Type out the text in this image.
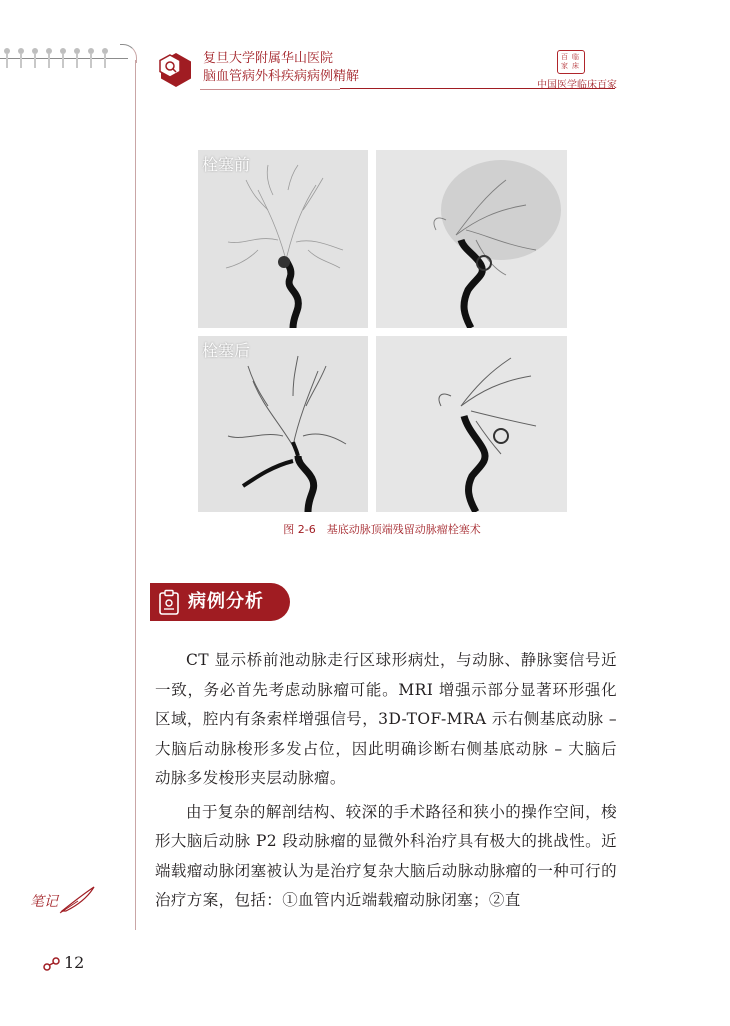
复旦大学附属华山医院
脑血管病外科疾病病例精解
百 临
家 床
中国医学临床百家
栓塞前
栓塞后
图 2-6　基底动脉顶端残留动脉瘤栓塞术
病例分析

CT 显示桥前池动脉走行区球形病灶，与动脉、静脉窦信号近一致，务必首先考虑动脉瘤可能。MRI 增强示部分显著环形强化区域，腔内有条索样增强信号，3D-TOF-MRA 示右侧基底动脉 – 大脑后动脉梭形多发占位，因此明确诊断右侧基底动脉 – 大脑后动脉多发梭形夹层动脉瘤。

由于复杂的解剖结构、较深的手术路径和狭小的操作空间，梭形大脑后动脉 P2 段动脉瘤的显微外科治疗具有极大的挑战性。近端载瘤动脉闭塞被认为是治疗复杂大脑后动脉动脉瘤的一种可行的治疗方案，包括：①血管内近端载瘤动脉闭塞；②直

笔记
12
